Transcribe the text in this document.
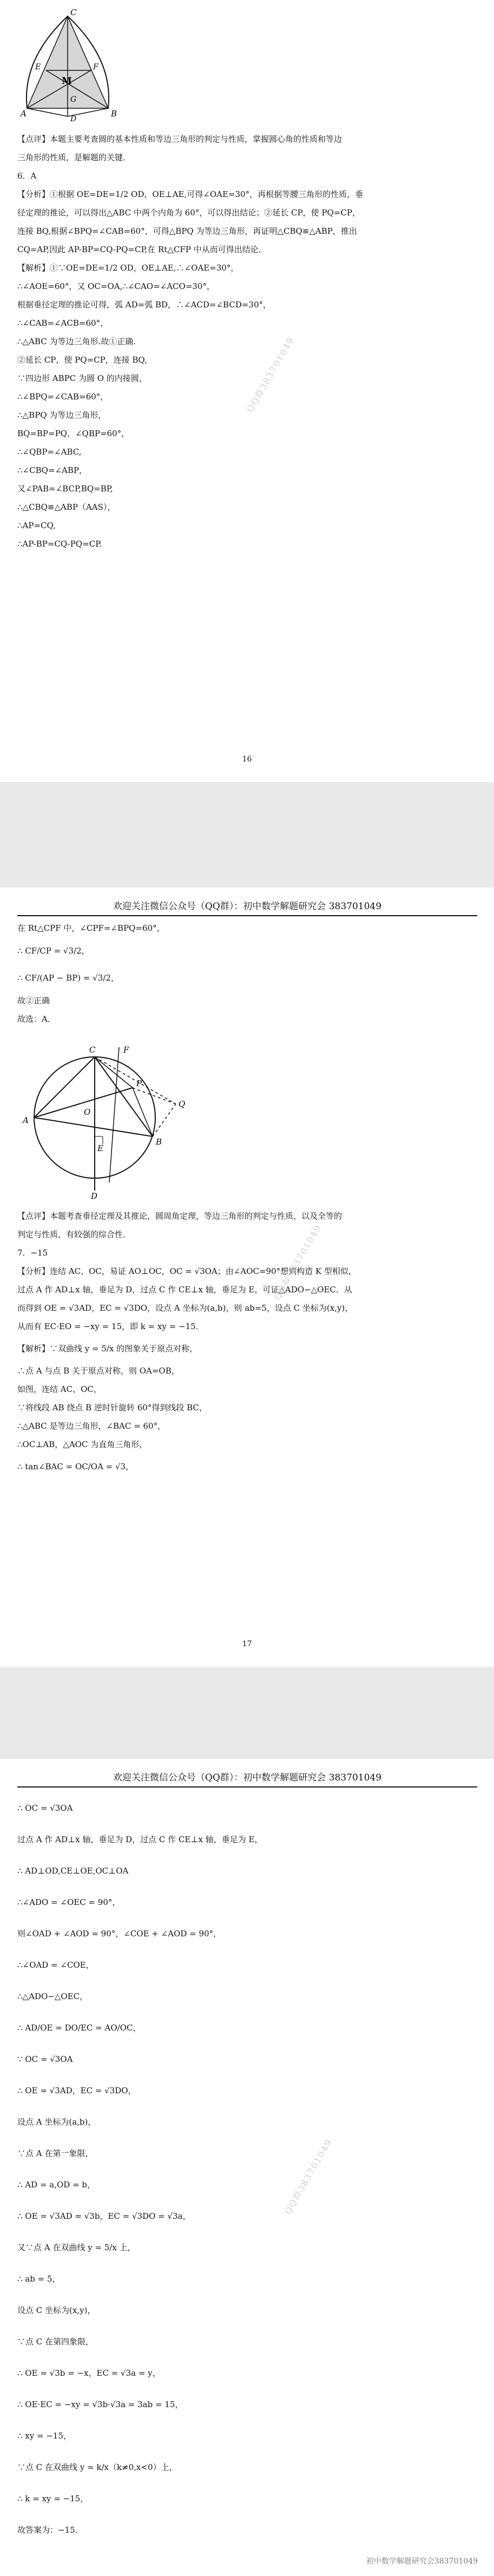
A	B
C
E	F
M
G
D
【点评】本题主要考查圆的基本性质和等边三角形的判定与性质，掌握圆心角的性质和等边
三角形的性质，是解题的关键．
6．A
【分析】①根据 OE=DE=1/2 OD，OE⊥AE,可得∠OAE=30°，再根据等腰三角形的性质，垂
径定理的推论，可以得出△ABC 中两个内角为 60°，可以得出结论；②延长 CP，使 PQ=CP，
连接 BQ,根据∠BPQ=∠CAB=60°，可得△BPQ 为等边三角形，再证明△CBQ≌△ABP，推出
CQ=AP,因此 AP-BP=CQ-PQ=CP,在 Rt△CFP 中从而可得出结论．
【解析】①∵OE=DE=1/2 OD，OE⊥AE,∴∠OAE=30°，
∴∠AOE=60°，又 OC=OA,∴∠CAO=∠ACO=30°，
根据垂径定理的推论可得，弧 AD=弧 BD，∴∠ACD=∠BCD=30°，
∴∠CAB=∠ACB=60°，
∴△ABC 为等边三角形.故①正确.
②延长 CP，使 PQ=CP，连接 BQ,
∵四边形 ABPC 为圆 O 的内接圆，
∴∠BPQ=∠CAB=60°，
∴△BPQ 为等边三角形，
BQ=BP=PQ，∠QBP=60°，
∴∠QBP=∠ABC,
∴∠CBQ=∠ABP，
又∠PAB=∠BCP,BQ=BP,
∴△CBQ≌△ABP（AAS），
∴AP=CQ,
∴AP-BP=CQ-PQ=CP.
QQ群383701049
16
欢迎关注微信公众号（QQ群）：初中数学解题研究会 383701049
在 Rt△CPF 中，∠CPF=∠BPQ=60°，
∴ CF/CP = √3/2，
∴ CF/(AP − BP) = √3/2，
故②正确
故选：A．
C	F
P
Q
O
E
B
A
D
【点评】本题考查垂径定理及其推论，圆周角定理，等边三角形的判定与性质，以及全等的
判定与性质，有较强的综合性．
7．−15
【分析】连结 AC、OC，易证 AO⊥OC，OC = √3OA；由∠AOC=90°想到构造 K 型相似，
过点 A 作 AD⊥x 轴，垂足为 D，过点 C 作 CE⊥x 轴，垂足为 E，可证△ADO∽△OEC．从
而得到 OE = √3AD，EC = √3DO，设点 A 坐标为(a,b)，则 ab=5，设点 C 坐标为(x,y)，
从而有 EC·EO = −xy = 15，即 k = xy = −15．
【解析】∵双曲线 y = 5/x 的图象关于原点对称，
∴点 A 与点 B 关于原点对称，则 OA=OB，
如图，连结 AC、OC，
∵将线段 AB 绕点 B 逆时针旋转 60°得到线段 BC，
∴△ABC 是等边三角形，∠BAC = 60°，
∴OC⊥AB，△AOC 为直角三角形，
∴ tan∠BAC = OC/OA = √3，
QQ群383701049
17
欢迎关注微信公众号（QQ群）：初中数学解题研究会 383701049
∴ OC = √3OA
过点 A 作 AD⊥x 轴，垂足为 D，过点 C 作 CE⊥x 轴，垂足为 E，
∴ AD⊥OD,CE⊥OE,OC⊥OA
∴∠ADO = ∠OEC = 90°，
则∠OAD + ∠AOD = 90°，∠COE + ∠AOD = 90°，
∴∠OAD = ∠COE，
∴△ADO∽△OEC，
∴ AD/OE = DO/EC = AO/OC，
∵ OC = √3OA
∴ OE = √3AD，EC = √3DO，
设点 A 坐标为(a,b)，
∵点 A 在第一象限，
∴ AD = a,OD = b，
∴ OE = √3AD = √3b，EC = √3DO = √3a，
又∵点 A 在双曲线 y = 5/x 上，
∴ ab = 5，
设点 C 坐标为(x,y)，
∵点 C 在第四象限，
∴ OE = √3b = −x，EC = √3a = y，
∴ OE·EC = −xy = √3b·√3a = 3ab = 15，
∴ xy = −15，
∵点 C 在双曲线 y = k/x（k≠0,x<0）上，
∴ k = xy = −15，
故答案为：−15．
QQ群383701049
初中数学解题研究会383701049
